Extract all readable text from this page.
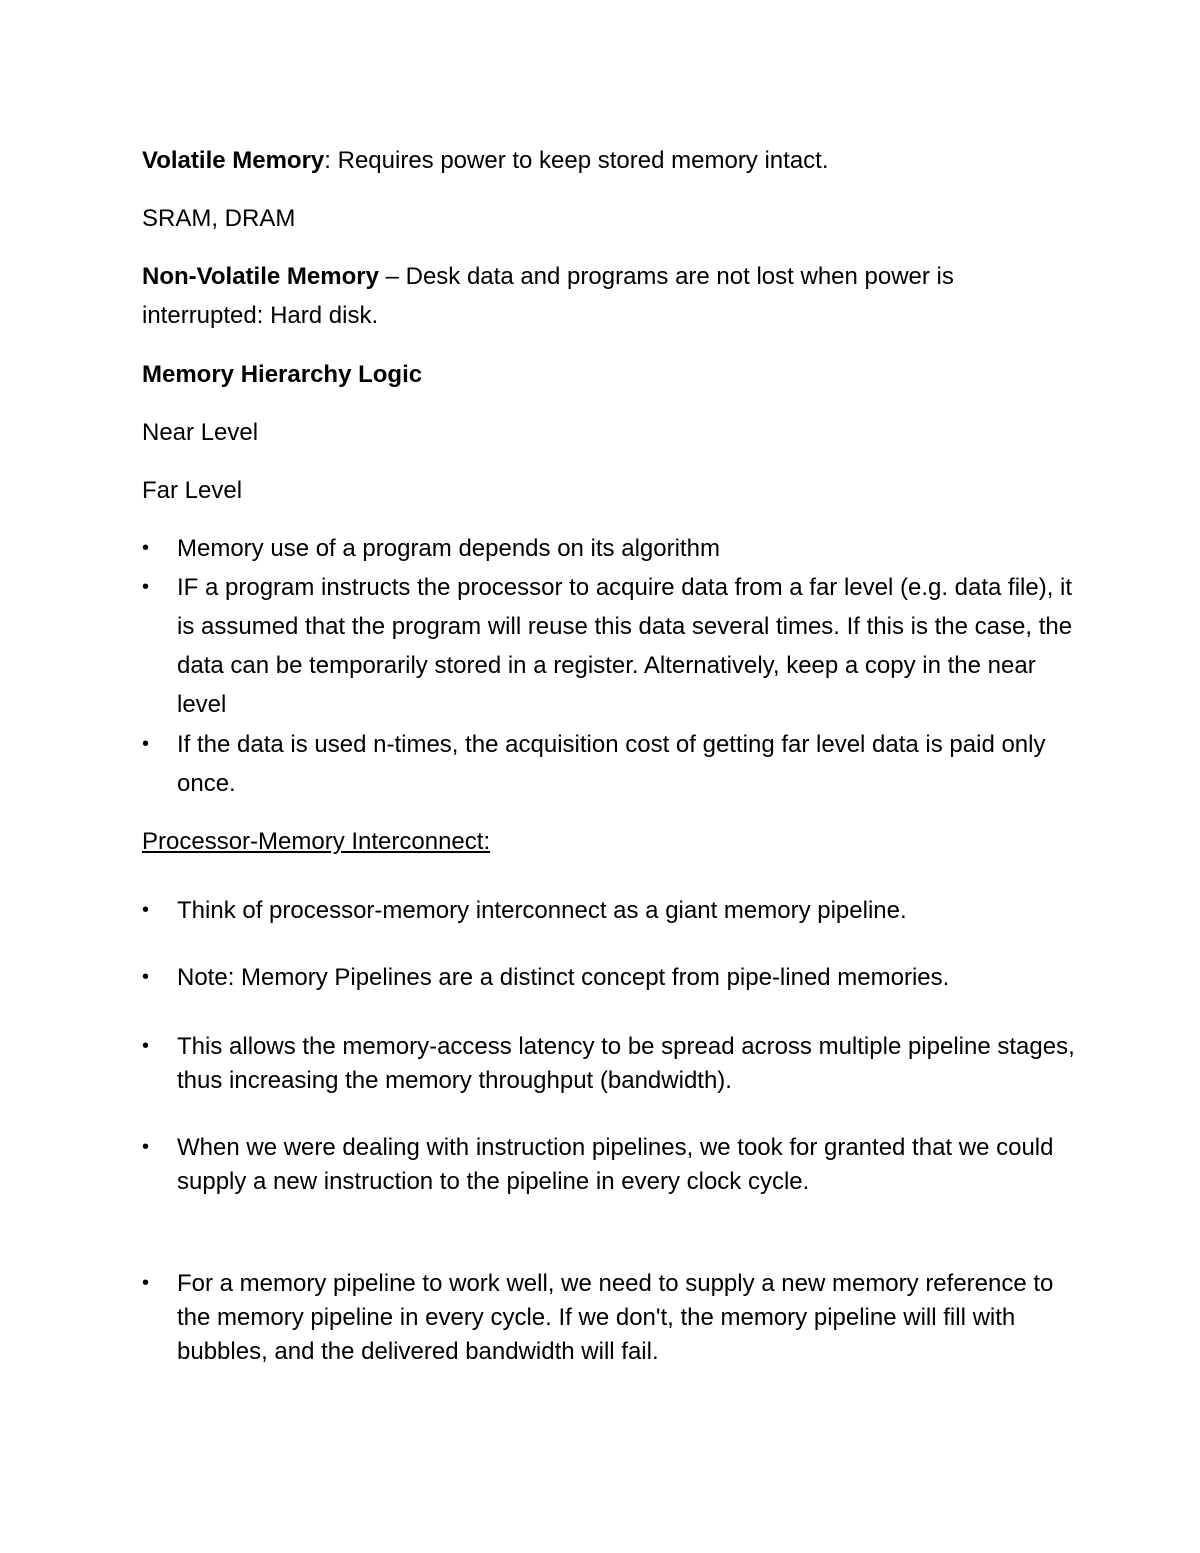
Volatile Memory: Requires power to keep stored memory intact.
SRAM, DRAM
Non-Volatile Memory – Desk data and programs are not lost when power is
interrupted: Hard disk.
Memory Hierarchy Logic
Near Level
Far Level
• Memory use of a program depends on its algorithm
• IF a program instructs the processor to acquire data from a far level (e.g. data file), it is assumed that the program will reuse this data several times. If this is the case, the data can be temporarily stored in a register. Alternatively, keep a copy in the near level
• If the data is used n-times, the acquisition cost of getting far level data is paid only once.
Processor-Memory Interconnect:
• Think of processor-memory interconnect as a giant memory pipeline.
• Note: Memory Pipelines are a distinct concept from pipe-lined memories.
• This allows the memory-access latency to be spread across multiple pipeline stages, thus increasing the memory throughput (bandwidth).
• When we were dealing with instruction pipelines, we took for granted that we could supply a new instruction to the pipeline in every clock cycle.
• For a memory pipeline to work well, we need to supply a new memory reference to the memory pipeline in every cycle. If we don't, the memory pipeline will fill with bubbles, and the delivered bandwidth will fail.
